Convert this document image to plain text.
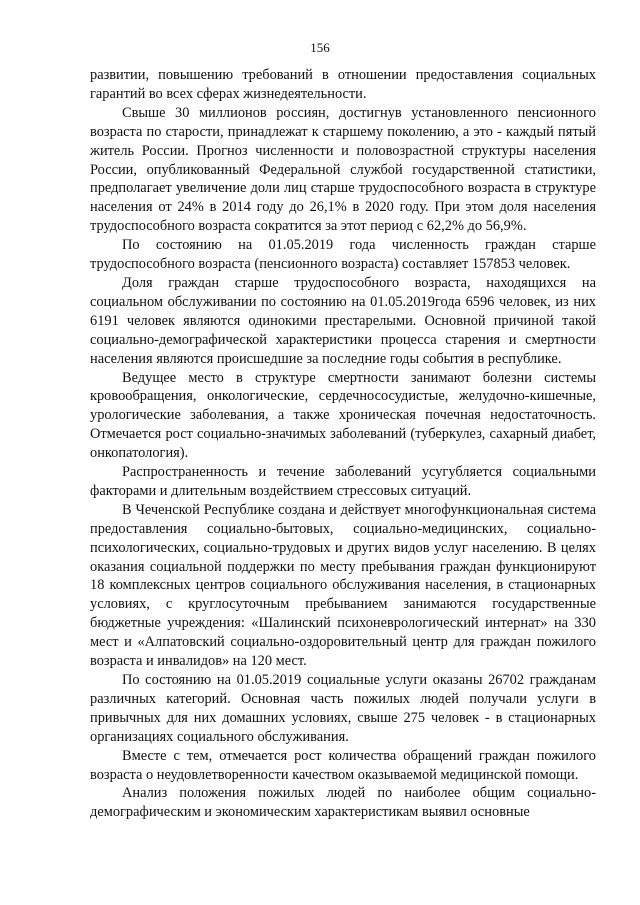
156

развитии, повышению требований в отношении предоставления социальных гарантий во всех сферах жизнедеятельности.

Свыше 30 миллионов россиян, достигнув установленного пенсионного возраста по старости, принадлежат к старшему поколению, а это - каждый пятый житель России. Прогноз численности и половозрастной структуры населения России, опубликованный Федеральной службой государственной статистики, предполагает увеличение доли лиц старше трудоспособного возраста в структуре населения от 24% в 2014 году до 26,1% в 2020 году. При этом доля населения трудоспособного возраста сократится за этот период с 62,2% до 56,9%.

По состоянию на 01.05.2019 года численность граждан старше трудоспособного возраста (пенсионного возраста) составляет 157853 человек.

Доля граждан старше трудоспособного возраста, находящихся на социальном обслуживании по состоянию на 01.05.2019года 6596 человек, из них 6191 человек являются одинокими престарелыми. Основной причиной такой социально-демографической характеристики процесса старения и смертности населения являются происшедшие за последние годы события в республике.

Ведущее место в структуре смертности занимают болезни системы кровообращения, онкологические, сердечнососудистые, желудочно-кишечные, урологические заболевания, а также хроническая почечная недостаточность. Отмечается рост социально-значимых заболеваний (туберкулез, сахарный диабет, онкопатология).

Распространенность и течение заболеваний усугубляется социальными факторами и длительным воздействием стрессовых ситуаций.

В Чеченской Республике создана и действует многофункциональная система предоставления социально-бытовых, социально-медицинских, социально-психологических, социально-трудовых и других видов услуг населению. В целях оказания социальной поддержки по месту пребывания граждан функционируют 18 комплексных центров социального обслуживания населения, в стационарных условиях, с круглосуточным пребыванием занимаются государственные бюджетные учреждения: «Шалинский психоневрологический интернат» на 330 мест и «Алпатовский социально-оздоровительный центр для граждан пожилого возраста и инвалидов» на 120 мест.

По состоянию на 01.05.2019 социальные услуги оказаны 26702 гражданам различных категорий. Основная часть пожилых людей получали услуги в привычных для них домашних условиях, свыше 275 человек - в стационарных организациях социального обслуживания.

Вместе с тем, отмечается рост количества обращений граждан пожилого возраста о неудовлетворенности качеством оказываемой медицинской помощи.

Анализ положения пожилых людей по наиболее общим социально-демографическим и экономическим характеристикам выявил основные
